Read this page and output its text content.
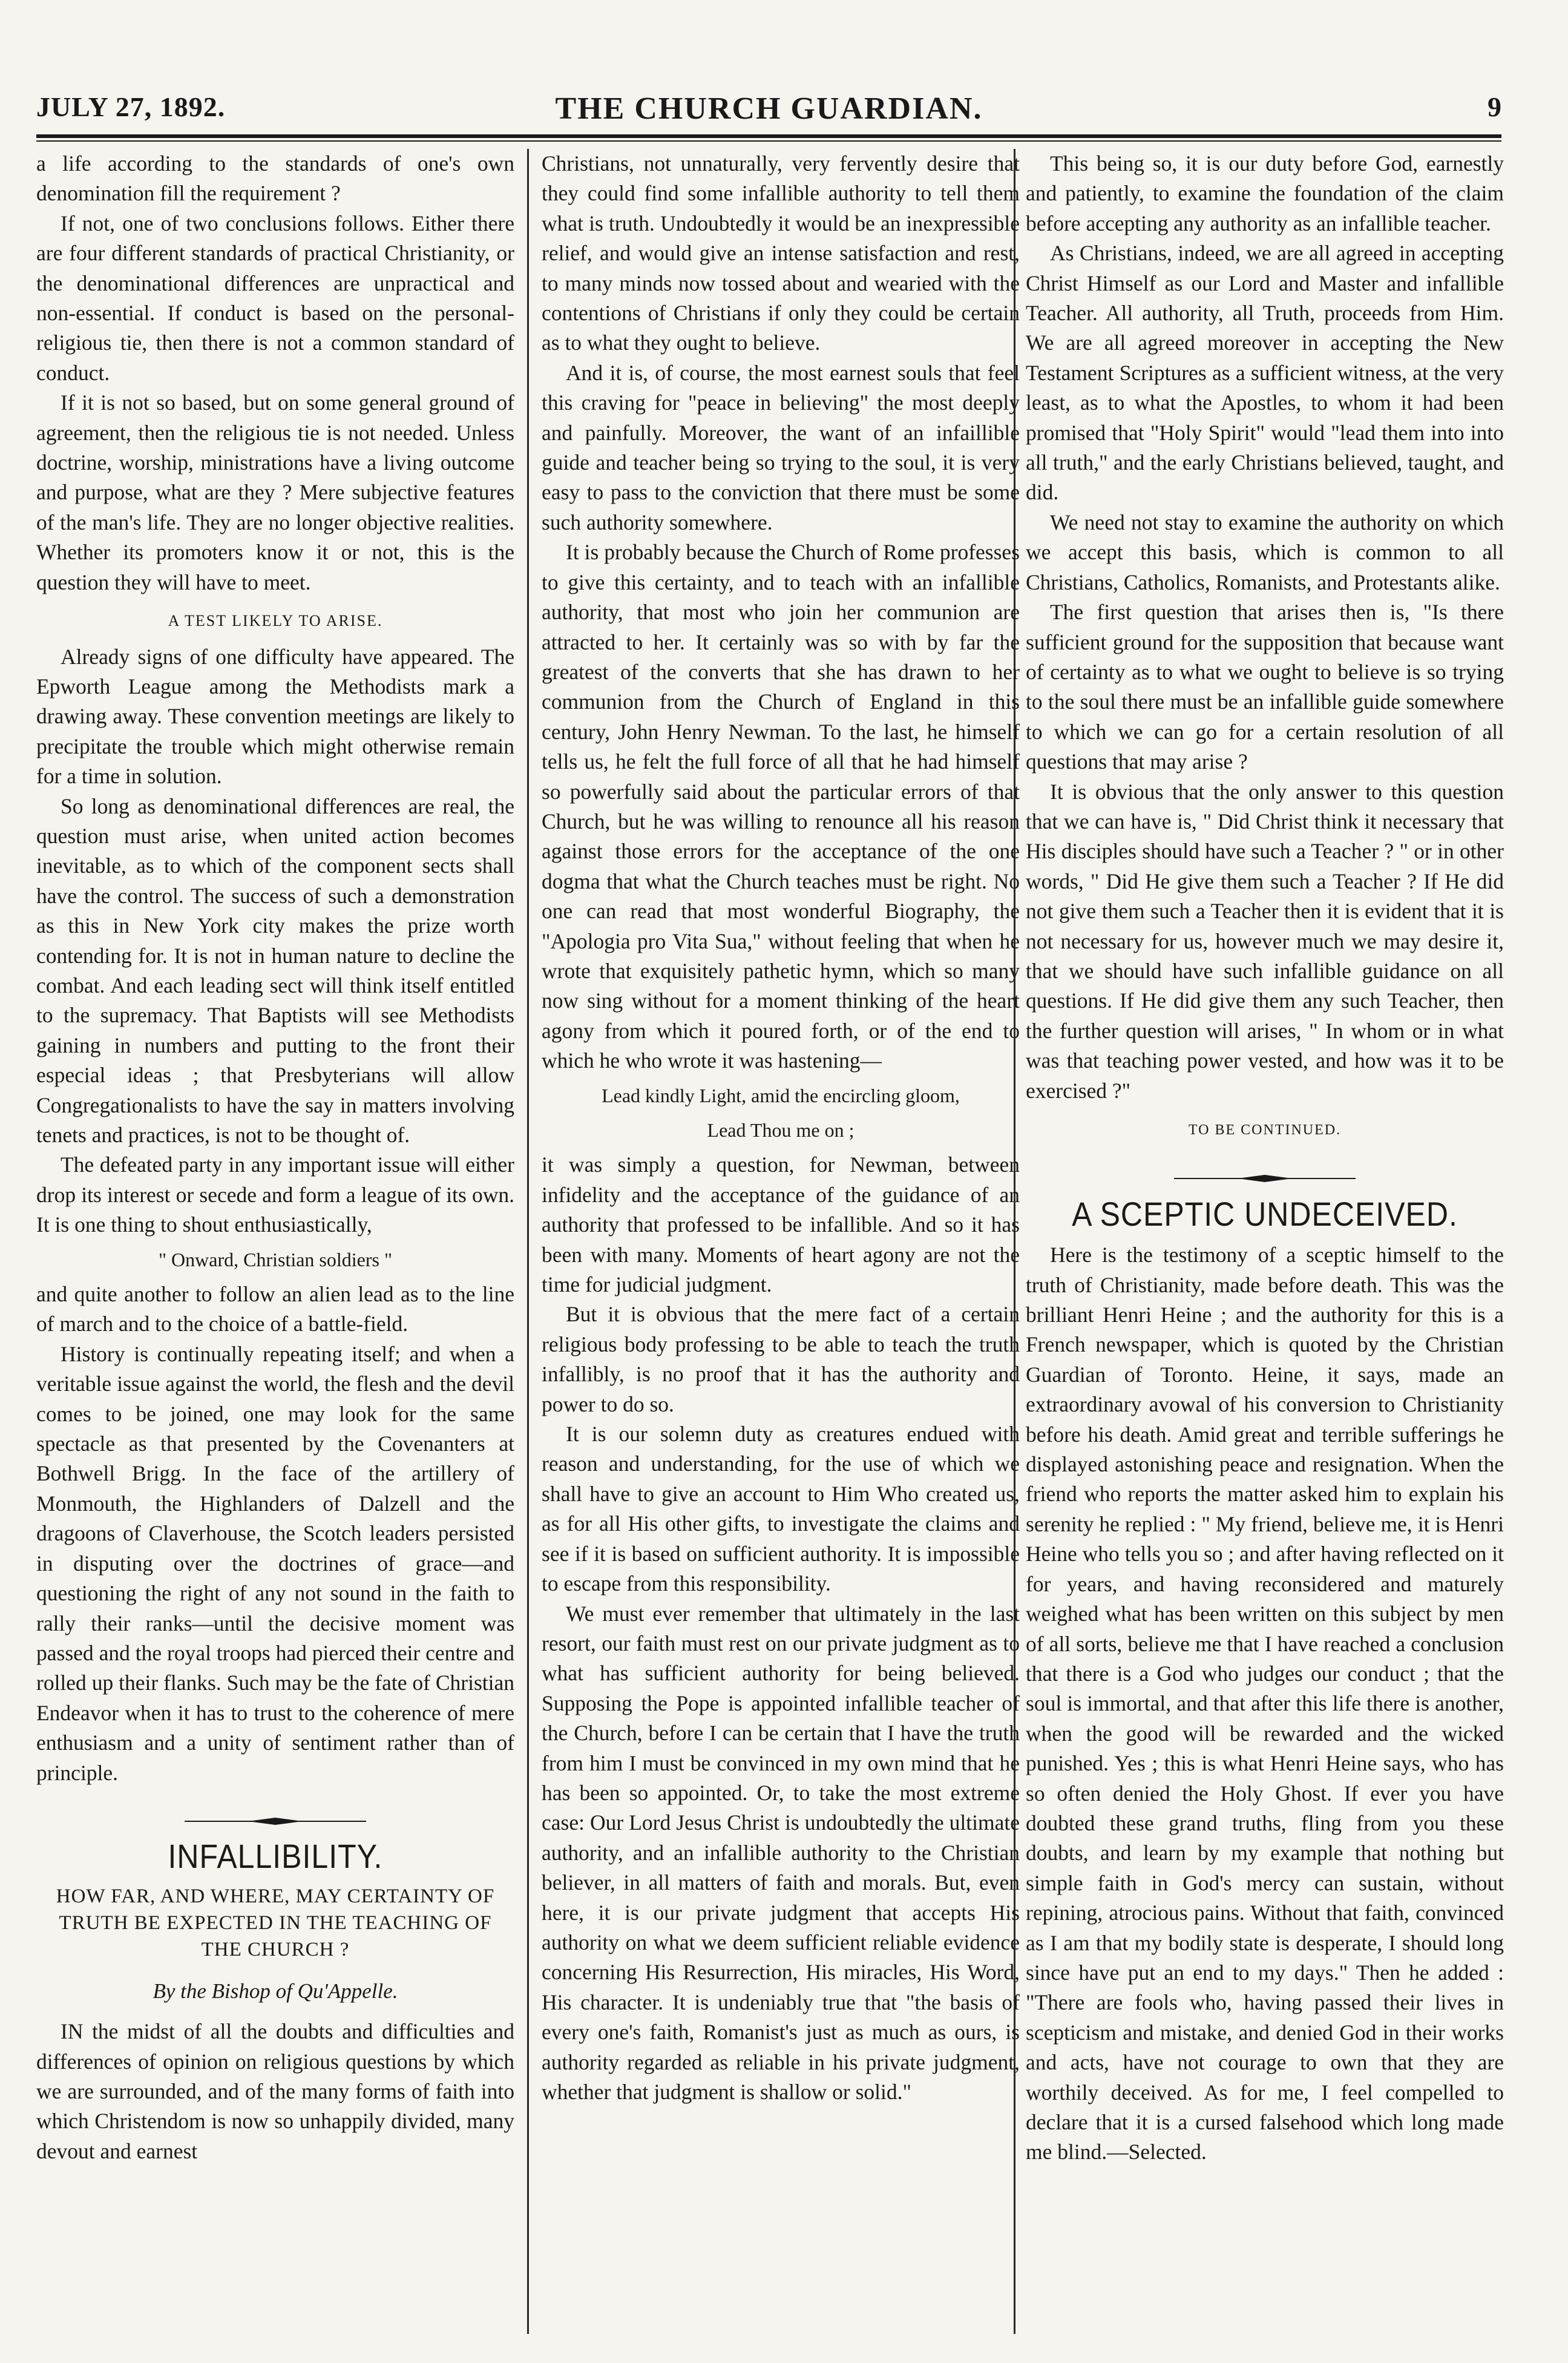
JULY 27, 1892.	THE CHURCH GUARDIAN.	9

a life according to the standards of one's own denomination fill the requirement ?

If not, one of two conclusions follows. Either there are four different standards of practical Christianity, or the denominational differences are unpractical and non-essential. If conduct is based on the personal-religious tie, then there is not a common standard of conduct.

If it is not so based, but on some general ground of agreement, then the religious tie is not needed. Unless doctrine, worship, ministrations have a living outcome and purpose, what are they ? Mere subjective features of the man's life. They are no longer objective realities. Whether its promoters know it or not, this is the question they will have to meet.

A TEST LIKELY TO ARISE.

Already signs of one difficulty have appeared. The Epworth League among the Methodists mark a drawing away. These convention meetings are likely to precipitate the trouble which might otherwise remain for a time in solution.

So long as denominational differences are real, the question must arise, when united action becomes inevitable, as to which of the component sects shall have the control. The success of such a demonstration as this in New York city makes the prize worth contending for. It is not in human nature to decline the combat. And each leading sect will think itself entitled to the supremacy. That Baptists will see Methodists gaining in numbers and putting to the front their especial ideas ; that Presbyterians will allow Congregationalists to have the say in matters involving tenets and practices, is not to be thought of.

The defeated party in any important issue will either drop its interest or secede and form a league of its own. It is one thing to shout enthusiastically,

" Onward, Christian soldiers "

and quite another to follow an alien lead as to the line of march and to the choice of a battle-field.

History is continually repeating itself; and when a veritable issue against the world, the flesh and the devil comes to be joined, one may look for the same spectacle as that presented by the Covenanters at Bothwell Brigg. In the face of the artillery of Monmouth, the Highlanders of Dalzell and the dragoons of Claverhouse, the Scotch leaders persisted in disputing over the doctrines of grace—and questioning the right of any not sound in the faith to rally their ranks—until the decisive moment was passed and the royal troops had pierced their centre and rolled up their flanks. Such may be the fate of Christian Endeavor when it has to trust to the coherence of mere enthusiasm and a unity of sentiment rather than of principle.

INFALLIBILITY.
HOW FAR, AND WHERE, MAY CERTAINTY OF TRUTH BE EXPECTED IN THE TEACHING OF THE CHURCH ?
By the Bishop of Qu'Appelle.

IN the midst of all the doubts and difficulties and differences of opinion on religious questions by which we are surrounded, and of the many forms of faith into which Christendom is now so unhappily divided, many devout and earnest

Christians, not unnaturally, very fervently desire that they could find some infallible authority to tell them what is truth. Undoubtedly it would be an inexpressible relief, and would give an intense satisfaction and rest, to many minds now tossed about and wearied with the contentions of Christians if only they could be certain as to what they ought to believe.

And it is, of course, the most earnest souls that feel this craving for "peace in believing" the most deeply and painfully. Moreover, the want of an infaillible guide and teacher being so trying to the soul, it is very easy to pass to the conviction that there must be some such authority somewhere.

It is probably because the Church of Rome professes to give this certainty, and to teach with an infallible authority, that most who join her communion are attracted to her. It certainly was so with by far the greatest of the converts that she has drawn to her communion from the Church of England in this century, John Henry Newman. To the last, he himself tells us, he felt the full force of all that he had himself so powerfully said about the particular errors of that Church, but he was willing to renounce all his reason against those errors for the acceptance of the one dogma that what the Church teaches must be right. No one can read that most wonderful Biography, the "Apologia pro Vita Sua," without feeling that when he wrote that exquisitely pathetic hymn, which so many now sing without for a moment thinking of the heart agony from which it poured forth, or of the end to which he who wrote it was hastening—

Lead kindly Light, amid the encircling gloom,
Lead Thou me on ;

it was simply a question, for Newman, between infidelity and the acceptance of the guidance of an authority that professed to be infallible. And so it has been with many. Moments of heart agony are not the time for judicial judgment.

But it is obvious that the mere fact of a certain religious body professing to be able to teach the truth infallibly, is no proof that it has the authority and power to do so.

It is our solemn duty as creatures endued with reason and understanding, for the use of which we shall have to give an account to Him Who created us, as for all His other gifts, to investigate the claims and see if it is based on sufficient authority. It is impossible to escape from this responsibility.

We must ever remember that ultimately in the last resort, our faith must rest on our private judgment as to what has sufficient authority for being believed. Supposing the Pope is appointed infallible teacher of the Church, before I can be certain that I have the truth from him I must be convinced in my own mind that he has been so appointed. Or, to take the most extreme case: Our Lord Jesus Christ is undoubtedly the ultimate authority, and an infallible authority to the Christian believer, in all matters of faith and morals. But, even here, it is our private judgment that accepts His authority on what we deem sufficient reliable evidence concerning His Resurrection, His miracles, His Word, His character. It is undeniably true that "the basis of every one's faith, Romanist's just as much as ours, is authority regarded as reliable in his private judgment, whether that judgment is shallow or solid."

This being so, it is our duty before God, earnestly and patiently, to examine the foundation of the claim before accepting any authority as an infallible teacher.

As Christians, indeed, we are all agreed in accepting Christ Himself as our Lord and Master and infallible Teacher. All authority, all Truth, proceeds from Him. We are all agreed moreover in accepting the New Testament Scriptures as a sufficient witness, at the very least, as to what the Apostles, to whom it had been promised that "Holy Spirit" would "lead them into into all truth," and the early Christians believed, taught, and did.

We need not stay to examine the authority on which we accept this basis, which is common to all Christians, Catholics, Romanists, and Protestants alike.

The first question that arises then is, "Is there sufficient ground for the supposition that because want of certainty as to what we ought to believe is so trying to the soul there must be an infallible guide somewhere to which we can go for a certain resolution of all questions that may arise ?

It is obvious that the only answer to this question that we can have is, " Did Christ think it necessary that His disciples should have such a Teacher ? " or in other words, " Did He give them such a Teacher ? If He did not give them such a Teacher then it is evident that it is not necessary for us, however much we may desire it, that we should have such infallible guidance on all questions. If He did give them any such Teacher, then the further question will arises, " In whom or in what was that teaching power vested, and how was it to be exercised ?"

TO BE CONTINUED.
A SCEPTIC UNDECEIVED.

Here is the testimony of a sceptic himself to the truth of Christianity, made before death. This was the brilliant Henri Heine ; and the authority for this is a French newspaper, which is quoted by the Christian Guardian of Toronto. Heine, it says, made an extraordinary avowal of his conversion to Christianity before his death. Amid great and terrible sufferings he displayed astonishing peace and resignation. When the friend who reports the matter asked him to explain his serenity he replied : " My friend, believe me, it is Henri Heine who tells you so ; and after having reflected on it for years, and having reconsidered and maturely weighed what has been written on this subject by men of all sorts, believe me that I have reached a conclusion that there is a God who judges our conduct ; that the soul is immortal, and that after this life there is another, when the good will be rewarded and the wicked punished. Yes ; this is what Henri Heine says, who has so often denied the Holy Ghost. If ever you have doubted these grand truths, fling from you these doubts, and learn by my example that nothing but simple faith in God's mercy can sustain, without repining, atrocious pains. Without that faith, convinced as I am that my bodily state is desperate, I should long since have put an end to my days." Then he added : "There are fools who, having passed their lives in scepticism and mistake, and denied God in their works and acts, have not courage to own that they are worthily deceived. As for me, I feel compelled to declare that it is a cursed falsehood which long made me blind.—Selected.
